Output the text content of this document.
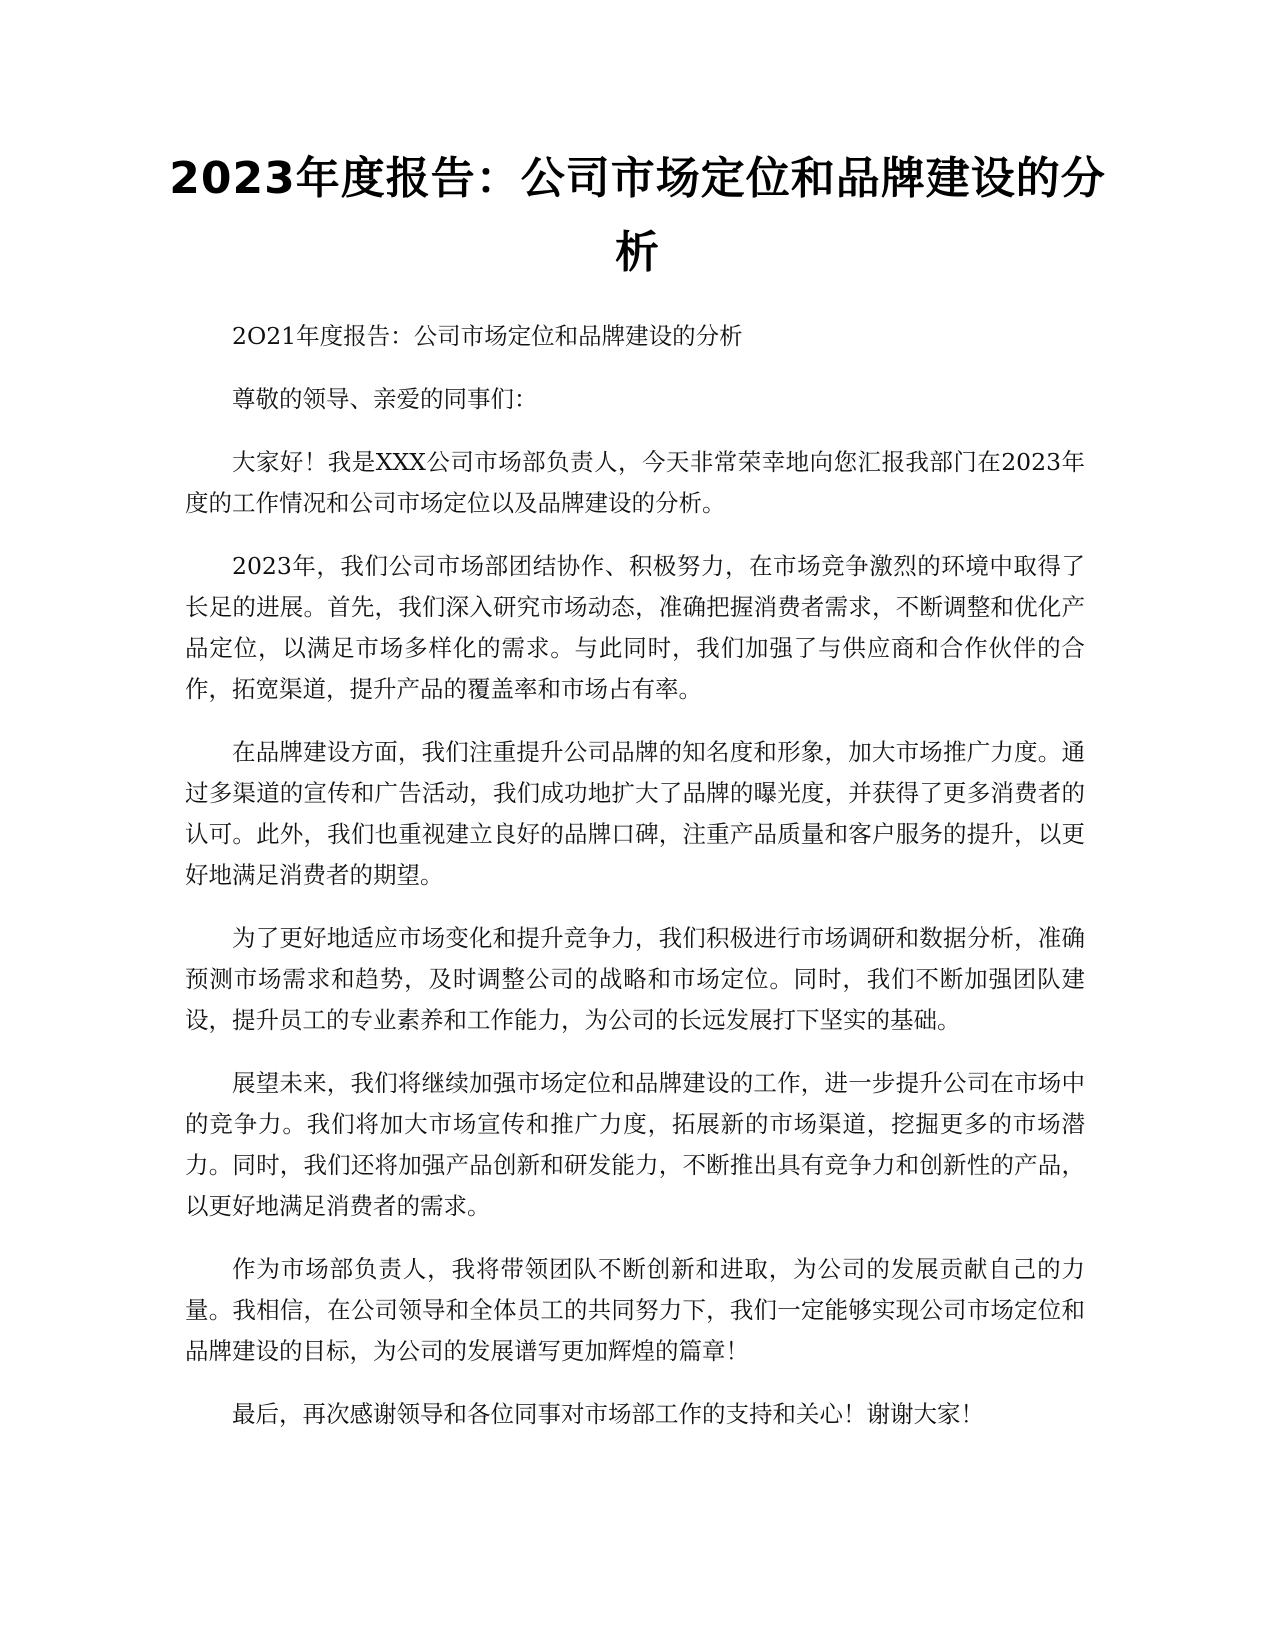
2023年度报告：公司市场定位和品牌建设的分析

2O21年度报告：公司市场定位和品牌建设的分析

尊敬的领导、亲爱的同事们：

大家好！我是XXX公司市场部负责人，今天非常荣幸地向您汇报我部门在2023年度的工作情况和公司市场定位以及品牌建设的分析。

2023年，我们公司市场部团结协作、积极努力，在市场竞争激烈的环境中取得了长足的进展。首先，我们深入研究市场动态，准确把握消费者需求，不断调整和优化产品定位，以满足市场多样化的需求。与此同时，我们加强了与供应商和合作伙伴的合作，拓宽渠道，提升产品的覆盖率和市场占有率。

在品牌建设方面，我们注重提升公司品牌的知名度和形象，加大市场推广力度。通过多渠道的宣传和广告活动，我们成功地扩大了品牌的曝光度，并获得了更多消费者的认可。此外，我们也重视建立良好的品牌口碑，注重产品质量和客户服务的提升，以更好地满足消费者的期望。

为了更好地适应市场变化和提升竞争力，我们积极进行市场调研和数据分析，准确预测市场需求和趋势，及时调整公司的战略和市场定位。同时，我们不断加强团队建设，提升员工的专业素养和工作能力，为公司的长远发展打下坚实的基础。

展望未来，我们将继续加强市场定位和品牌建设的工作，进一步提升公司在市场中的竞争力。我们将加大市场宣传和推广力度，拓展新的市场渠道，挖掘更多的市场潜力。同时，我们还将加强产品创新和研发能力，不断推出具有竞争力和创新性的产品，以更好地满足消费者的需求。

作为市场部负责人，我将带领团队不断创新和进取，为公司的发展贡献自己的力量。我相信，在公司领导和全体员工的共同努力下，我们一定能够实现公司市场定位和品牌建设的目标，为公司的发展谱写更加辉煌的篇章！

最后，再次感谢领导和各位同事对市场部工作的支持和关心！谢谢大家！
